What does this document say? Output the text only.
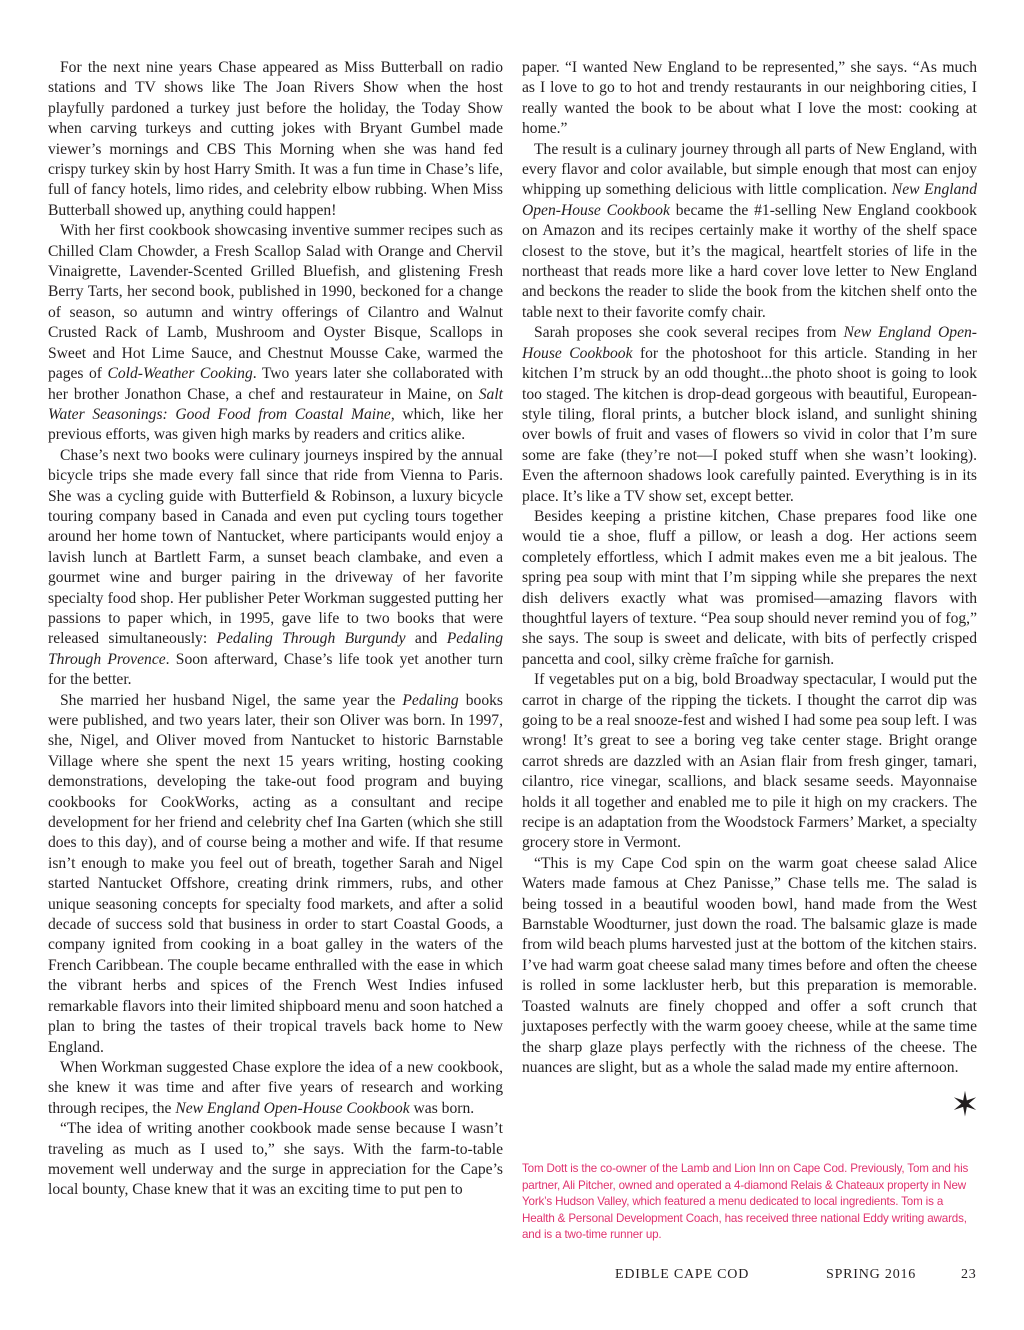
For the next nine years Chase appeared as Miss Butterball on radio stations and TV shows like The Joan Rivers Show when the host playfully pardoned a turkey just before the holiday, the Today Show when carving turkeys and cutting jokes with Bryant Gumbel made viewer’s mornings and CBS This Morning when she was hand fed crispy turkey skin by host Harry Smith. It was a fun time in Chase’s life, full of fancy hotels, limo rides, and celebrity elbow rubbing. When Miss Butterball showed up, anything could happen!

With her first cookbook showcasing inventive summer recipes such as Chilled Clam Chowder, a Fresh Scallop Salad with Orange and Chervil Vinaigrette, Lavender-Scented Grilled Bluefish, and glistening Fresh Berry Tarts, her second book, published in 1990, beckoned for a change of season, so autumn and wintry offerings of Cilantro and Walnut Crusted Rack of Lamb, Mushroom and Oyster Bisque, Scallops in Sweet and Hot Lime Sauce, and Chestnut Mousse Cake, warmed the pages of Cold-Weather Cooking. Two years later she collaborated with her brother Jonathon Chase, a chef and restaurateur in Maine, on Salt Water Seasonings: Good Food from Coastal Maine, which, like her previous efforts, was given high marks by readers and critics alike.

Chase’s next two books were culinary journeys inspired by the annual bicycle trips she made every fall since that ride from Vienna to Paris. She was a cycling guide with Butterfield & Robinson, a luxury bicycle touring company based in Canada and even put cycling tours together around her home town of Nantucket, where participants would enjoy a lavish lunch at Bartlett Farm, a sunset beach clambake, and even a gourmet wine and burger pairing in the driveway of her favorite specialty food shop. Her publisher Peter Workman suggested putting her passions to paper which, in 1995, gave life to two books that were released simultaneously: Pedaling Through Burgundy and Pedaling Through Provence. Soon afterward, Chase’s life took yet another turn for the better.

She married her husband Nigel, the same year the Pedaling books were published, and two years later, their son Oliver was born. In 1997, she, Nigel, and Oliver moved from Nantucket to historic Barnstable Village where she spent the next 15 years writing, hosting cooking demonstrations, developing the take-out food program and buying cookbooks for CookWorks, acting as a consultant and recipe development for her friend and celebrity chef Ina Garten (which she still does to this day), and of course being a mother and wife. If that resume isn’t enough to make you feel out of breath, together Sarah and Nigel started Nantucket Offshore, creating drink rimmers, rubs, and other unique seasoning concepts for specialty food markets, and after a solid decade of success sold that business in order to start Coastal Goods, a company ignited from cooking in a boat galley in the waters of the French Caribbean. The couple became enthralled with the ease in which the vibrant herbs and spices of the French West Indies infused remarkable flavors into their limited shipboard menu and soon hatched a plan to bring the tastes of their tropical travels back home to New England.

When Workman suggested Chase explore the idea of a new cookbook, she knew it was time and after five years of research and working through recipes, the New England Open-House Cookbook was born.

“The idea of writing another cookbook made sense because I wasn’t traveling as much as I used to,” she says. With the farm-to-table movement well underway and the surge in appreciation for the Cape’s local bounty, Chase knew that it was an exciting time to put pen to

paper. “I wanted New England to be represented,” she says. “As much as I love to go to hot and trendy restaurants in our neighboring cities, I really wanted the book to be about what I love the most: cooking at home.”

The result is a culinary journey through all parts of New England, with every flavor and color available, but simple enough that most can enjoy whipping up something delicious with little complication. New England Open-House Cookbook became the #1-selling New England cookbook on Amazon and its recipes certainly make it worthy of the shelf space closest to the stove, but it’s the magical, heartfelt stories of life in the northeast that reads more like a hard cover love letter to New England and beckons the reader to slide the book from the kitchen shelf onto the table next to their favorite comfy chair.

Sarah proposes she cook several recipes from New England Open-House Cookbook for the photoshoot for this article. Standing in her kitchen I’m struck by an odd thought...the photo shoot is going to look too staged. The kitchen is drop-dead gorgeous with beautiful, European-style tiling, floral prints, a butcher block island, and sunlight shining over bowls of fruit and vases of flowers so vivid in color that I’m sure some are fake (they’re not—I poked stuff when she wasn’t looking). Even the afternoon shadows look carefully painted. Everything is in its place. It’s like a TV show set, except better.

Besides keeping a pristine kitchen, Chase prepares food like one would tie a shoe, fluff a pillow, or leash a dog. Her actions seem completely effortless, which I admit makes even me a bit jealous. The spring pea soup with mint that I’m sipping while she prepares the next dish delivers exactly what was promised—amazing flavors with thoughtful layers of texture. “Pea soup should never remind you of fog,” she says. The soup is sweet and delicate, with bits of perfectly crisped pancetta and cool, silky crème fraîche for garnish.

If vegetables put on a big, bold Broadway spectacular, I would put the carrot in charge of the ripping the tickets. I thought the carrot dip was going to be a real snooze-fest and wished I had some pea soup left. I was wrong! It’s great to see a boring veg take center stage. Bright orange carrot shreds are dazzled with an Asian flair from fresh ginger, tamari, cilantro, rice vinegar, scallions, and black sesame seeds. Mayonnaise holds it all together and enabled me to pile it high on my crackers. The recipe is an adaptation from the Woodstock Farmers’ Market, a specialty grocery store in Vermont.

“This is my Cape Cod spin on the warm goat cheese salad Alice Waters made famous at Chez Panisse,” Chase tells me. The salad is being tossed in a beautiful wooden bowl, hand made from the West Barnstable Woodturner, just down the road. The balsamic glaze is made from wild beach plums harvested just at the bottom of the kitchen stairs. I’ve had warm goat cheese salad many times before and often the cheese is rolled in some lackluster herb, but this preparation is memorable. Toasted walnuts are finely chopped and offer a soft crunch that juxtaposes perfectly with the warm gooey cheese, while at the same time the sharp glaze plays perfectly with the richness of the cheese. The nuances are slight, but as a whole the salad made my entire afternoon.

✶
Tom Dott is the co-owner of the Lamb and Lion Inn on Cape Cod. Previously, Tom and his partner, Ali Pitcher, owned and operated a 4-diamond Relais & Chateaux property in New York’s Hudson Valley, which featured a menu dedicated to local ingredients. Tom is a Health & Personal Development Coach, has received three national Eddy writing awards, and is a two-time runner up.
EDIBLE CAPE COD	SPRING 2016	23
